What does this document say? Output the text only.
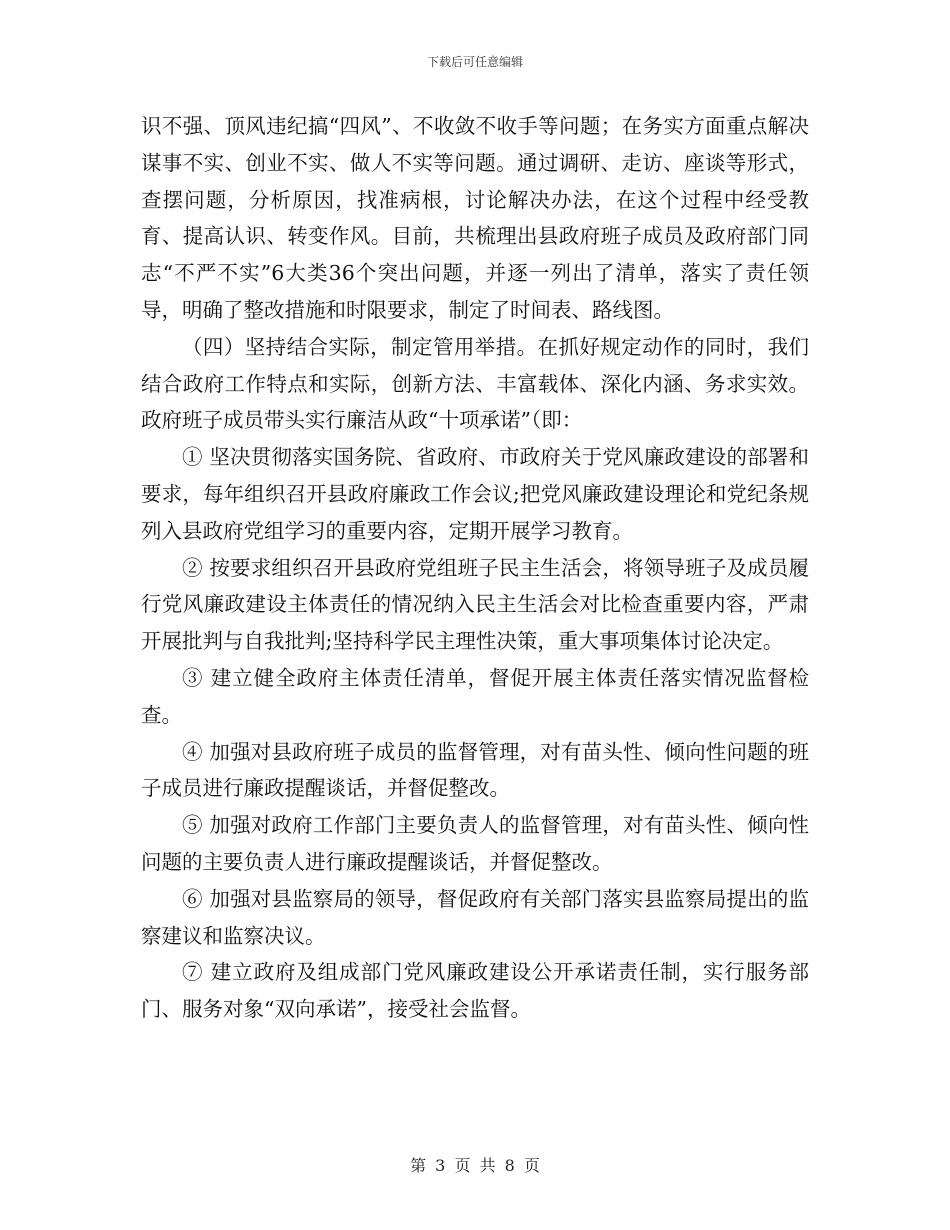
下载后可任意编辑

识不强、顶风违纪搞“四风”、不收敛不收手等问题；在务实方面重点解决谋事不实、创业不实、做人不实等问题。通过调研、走访、座谈等形式，查摆问题，分析原因，找准病根，讨论解决办法，在这个过程中经受教育、提高认识、转变作风。目前，共梳理出县政府班子成员及政府部门同志“不严不实”6大类36个突出问题，并逐一列出了清单，落实了责任领导，明确了整改措施和时限要求，制定了时间表、路线图。

（四）坚持结合实际，制定管用举措。在抓好规定动作的同时，我们结合政府工作特点和实际，创新方法、丰富载体、深化内涵、务求实效。政府班子成员带头实行廉洁从政“十项承诺”（即：

① 坚决贯彻落实国务院、省政府、市政府关于党风廉政建设的部署和要求，每年组织召开县政府廉政工作会议;把党风廉政建设理论和党纪条规列入县政府党组学习的重要内容，定期开展学习教育。

② 按要求组织召开县政府党组班子民主生活会，将领导班子及成员履行党风廉政建设主体责任的情况纳入民主生活会对比检查重要内容，严肃开展批判与自我批判;坚持科学民主理性决策，重大事项集体讨论决定。

③ 建立健全政府主体责任清单，督促开展主体责任落实情况监督检查。

④ 加强对县政府班子成员的监督管理，对有苗头性、倾向性问题的班子成员进行廉政提醒谈话，并督促整改。

⑤ 加强对政府工作部门主要负责人的监督管理，对有苗头性、倾向性问题的主要负责人进行廉政提醒谈话，并督促整改。

⑥ 加强对县监察局的领导，督促政府有关部门落实县监察局提出的监察建议和监察决议。

⑦ 建立政府及组成部门党风廉政建设公开承诺责任制，实行服务部门、服务对象“双向承诺”，接受社会监督。

第 3 页 共 8 页
